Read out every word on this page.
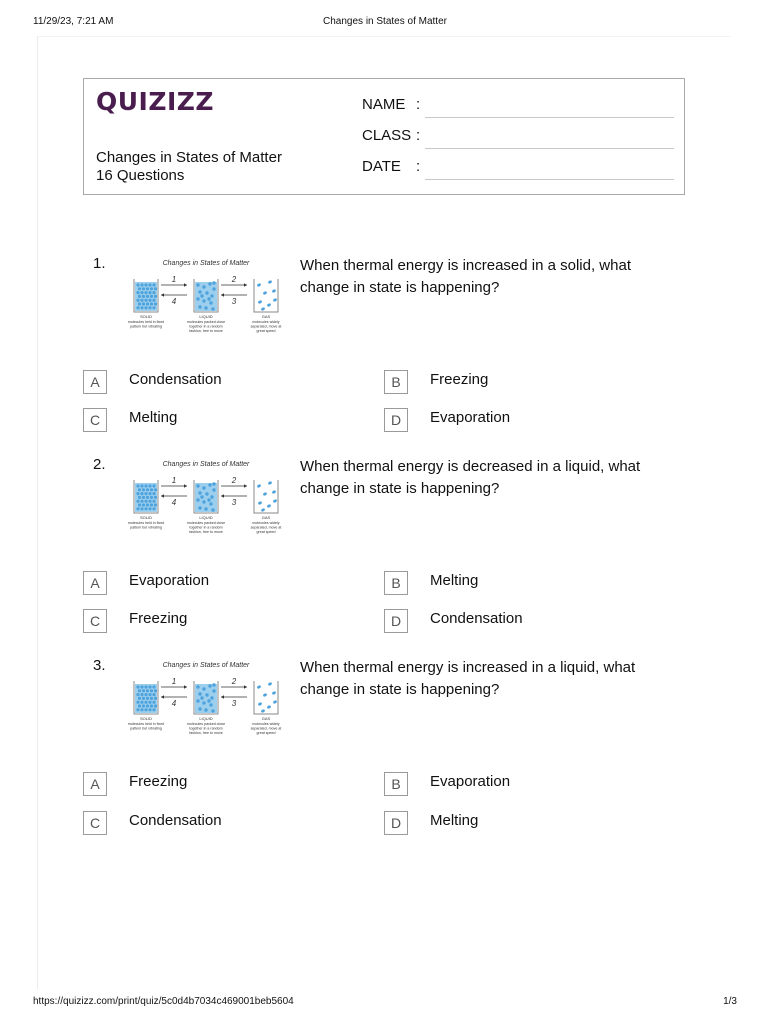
11/29/23, 7:21 AM	Changes in States of Matter
QUIZIZZ
Changes in States of Matter
16 Questions
NAME :
CLASS :
DATE :
1.	Changes in States of Matter
SOLID
molecules held in fixed
pattern but vibrating
LIQUID
molecules packed close
together in a random
fashion, free to move
GAS
molecules widely
separated, move at
great speed
1
4
2
3
When thermal energy is increased in a solid, what change in state is happening?
A	Condensation	B	Freezing
C	Melting	D	Evaporation
2.	Changes in States of Matter
SOLID
molecules held in fixed
pattern but vibrating
LIQUID
molecules packed close
together in a random
fashion, free to move
GAS
molecules widely
separated, move at
great speed
1
4
2
3
When thermal energy is decreased in a liquid, what change in state is happening?
A	Evaporation	B	Melting
C	Freezing	D	Condensation
3.	Changes in States of Matter
SOLID
molecules held in fixed
pattern but vibrating
LIQUID
molecules packed close
together in a random
fashion, free to move
GAS
molecules widely
separated, move at
great speed
1
4
2
3
When thermal energy is increased in a liquid, what change in state is happening?
A	Freezing	B	Evaporation
C	Condensation	D	Melting
https://quizizz.com/print/quiz/5c0d4b7034c469001beb5604	1/3
